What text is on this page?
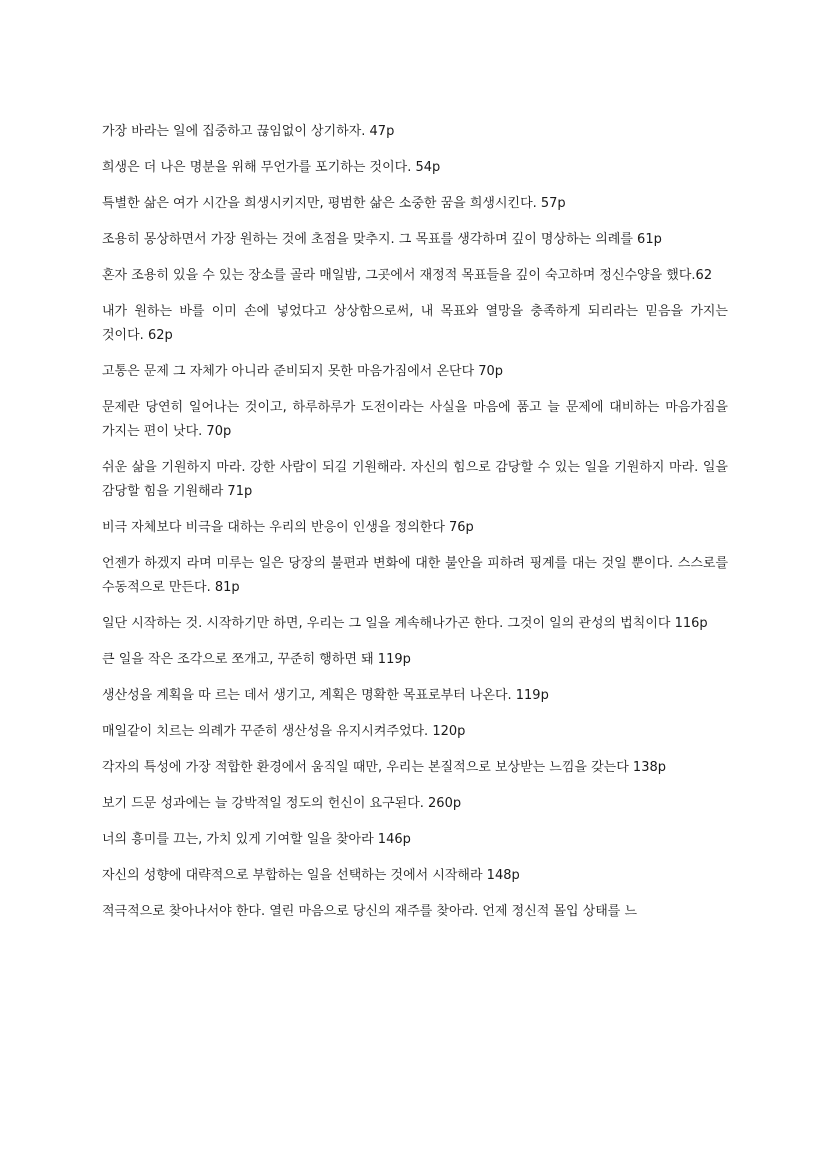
가장 바라는 일에 집중하고 끊임없이 상기하자. 47p

희생은 더 나은 명분을 위해 무언가를 포기하는 것이다. 54p

특별한 삶은 여가 시간을 희생시키지만, 평범한 삶은 소중한 꿈을 희생시킨다. 57p

조용히 몽상하면서 가장 원하는 것에 초점을 맞추지. 그 목표를 생각하며 깊이 명상하는 의례를 61p

혼자 조용히 있을 수 있는 장소를 골라 매일밤, 그곳에서 재정적 목표들을 깊이 숙고하며 정신수양을 했다.62

내가 원하는 바를 이미 손에 넣었다고 상상함으로써, 내 목표와 열망을 충족하게 되리라는 믿음을 가지는 것이다. 62p

고통은 문제 그 자체가 아니라 준비되지 못한 마음가짐에서 온단다 70p

문제란 당연히 일어나는 것이고, 하루하루가 도전이라는 사실을 마음에 품고 늘 문제에 대비하는 마음가짐을 가지는 편이 낫다. 70p

쉬운 삶을 기원하지 마라. 강한 사람이 되길 기원해라. 자신의 힘으로 감당할 수 있는 일을 기원하지 마라. 일을 감당할 힘을 기원해라 71p

비극 자체보다 비극을 대하는 우리의 반응이 인생을 정의한다 76p

언젠가 하겠지 라며 미루는 일은 당장의 불편과 변화에 대한 불안을 피하려 핑계를 대는 것일 뿐이다. 스스로를 수동적으로 만든다. 81p

일단 시작하는 것. 시작하기만 하면, 우리는 그 일을 계속해나가곤 한다. 그것이 일의 관성의 법칙이다 116p

큰 일을 작은 조각으로 쪼개고, 꾸준히 행하면 돼 119p

생산성을 계획을 따 르는 데서 생기고, 계획은 명확한 목표로부터 나온다. 119p

매일같이 치르는 의례가 꾸준히 생산성을 유지시켜주었다. 120p

각자의 특성에 가장 적합한 환경에서 움직일 때만, 우리는 본질적으로 보상받는 느낌을 갖는다 138p

보기 드문 성과에는 늘 강박적일 정도의 헌신이 요구된다. 260p

너의 흥미를 끄는, 가치 있게 기여할 일을 찾아라 146p

자신의 성향에 대략적으로 부합하는 일을 선택하는 것에서 시작해라 148p

적극적으로 찾아나서야 한다. 열린 마음으로 당신의 재주를 찾아라. 언제 정신적 몰입 상태를 느
